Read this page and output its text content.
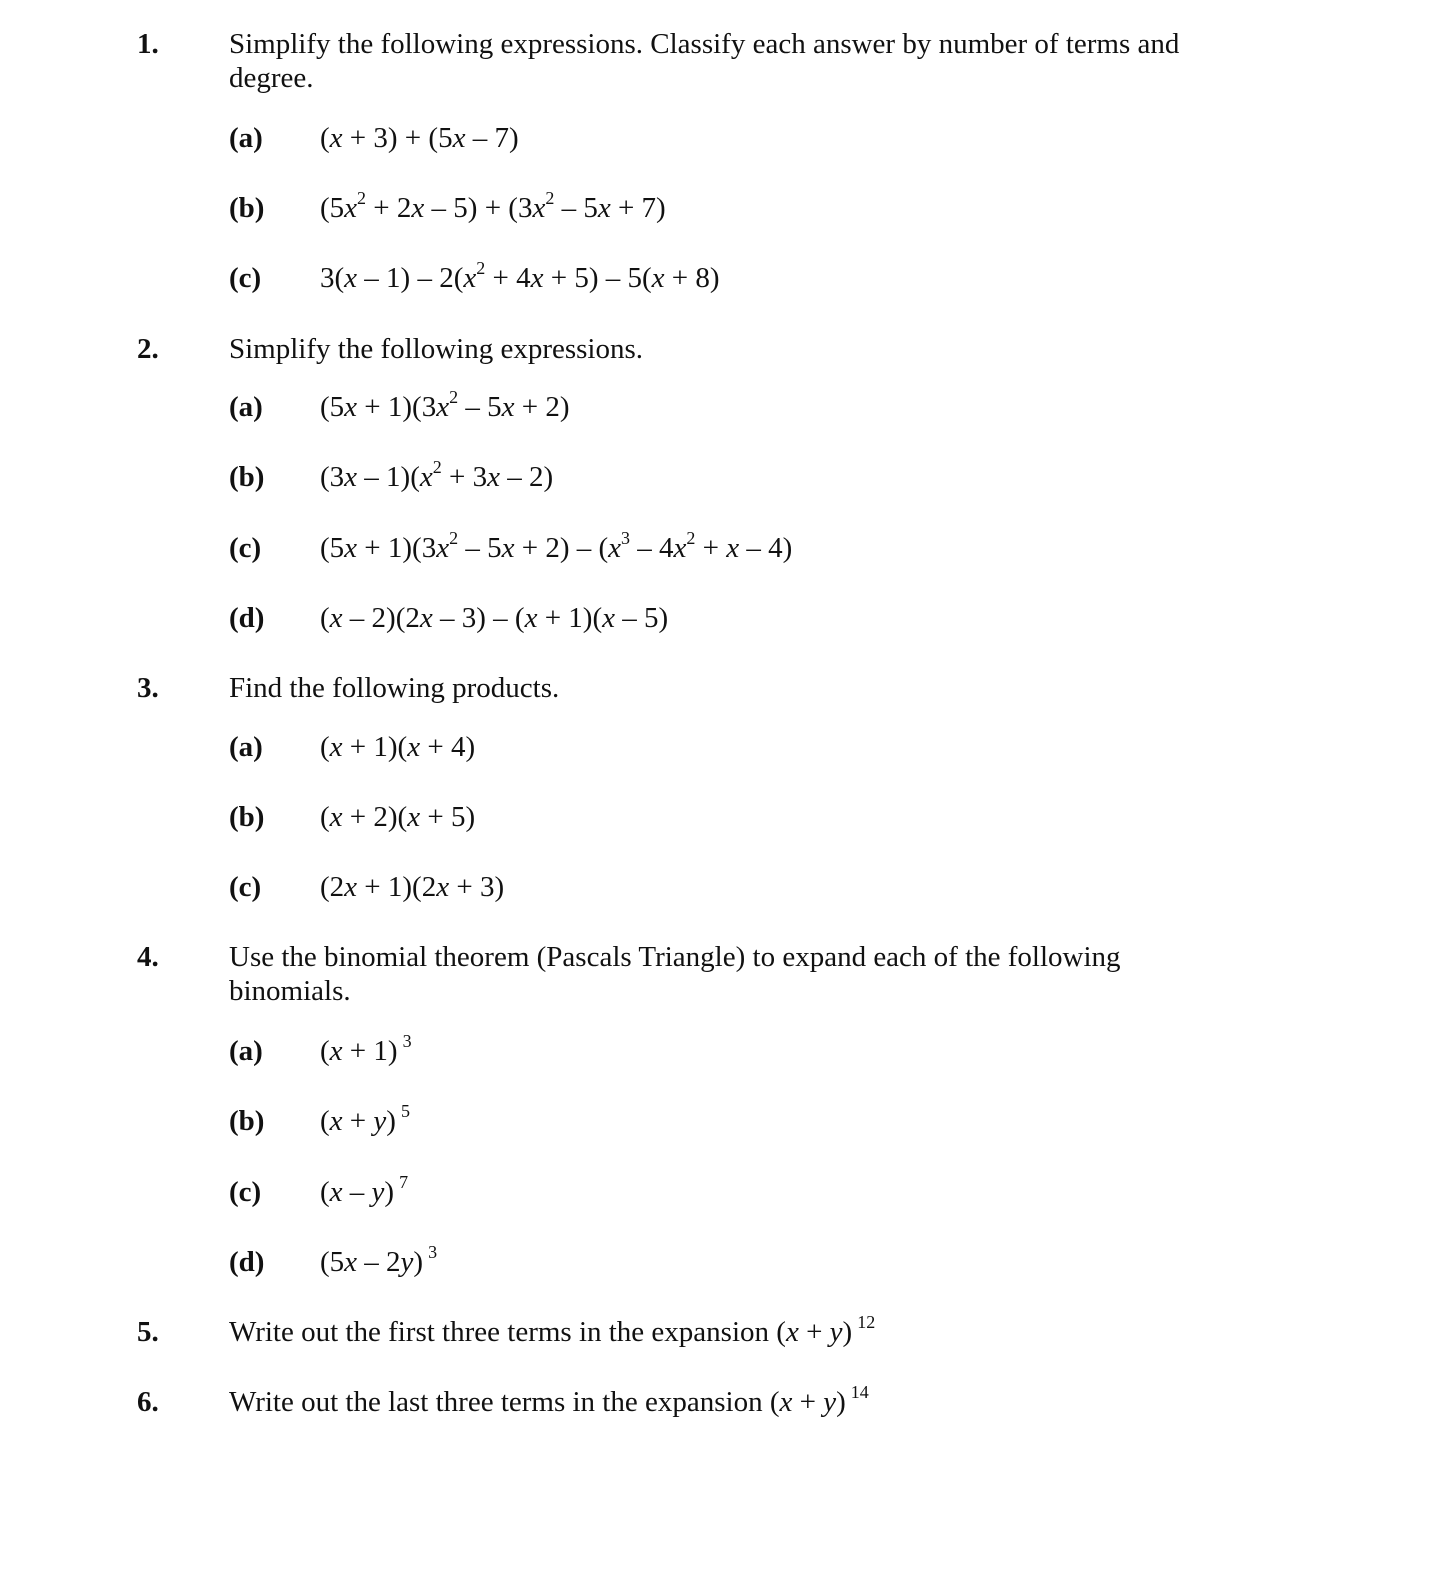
1. Simplify the following expressions. Classify each answer by number of terms and degree.
(a) (x + 3) + (5x – 7)
(b) $(5x^2 + 2x - 5) + (3x^2 - 5x + 7)$
(c) $3(x - 1) - 2(x^2 + 4x + 5) - 5(x + 8)$
2. Simplify the following expressions.
(a) $(5x + 1)(3x^2 - 5x + 2)$
(b) $(3x - 1)(x^2 + 3x - 2)$
(c) $(5x + 1)(3x^2 - 5x + 2) - (x^3 - 4x^2 + x - 4)$
(d) (x – 2)(2x – 3) – (x + 1)(x – 5)
3. Find the following products.
(a) (x + 1)(x + 4)
(b) (x + 2)(x + 5)
(c) (2x + 1)(2x + 3)
4. Use the binomial theorem (Pascals Triangle) to expand each of the following binomials.
(a) (x + 1) $^3$
(b) (x + y) $^5$
(c) (x – y) $^7$
(d) (5x – 2y) $^3$
5. Write out the first three terms in the expansion (x + y) $^{12}$
6. Write out the last three terms in the expansion (x + y) $^{14}$
